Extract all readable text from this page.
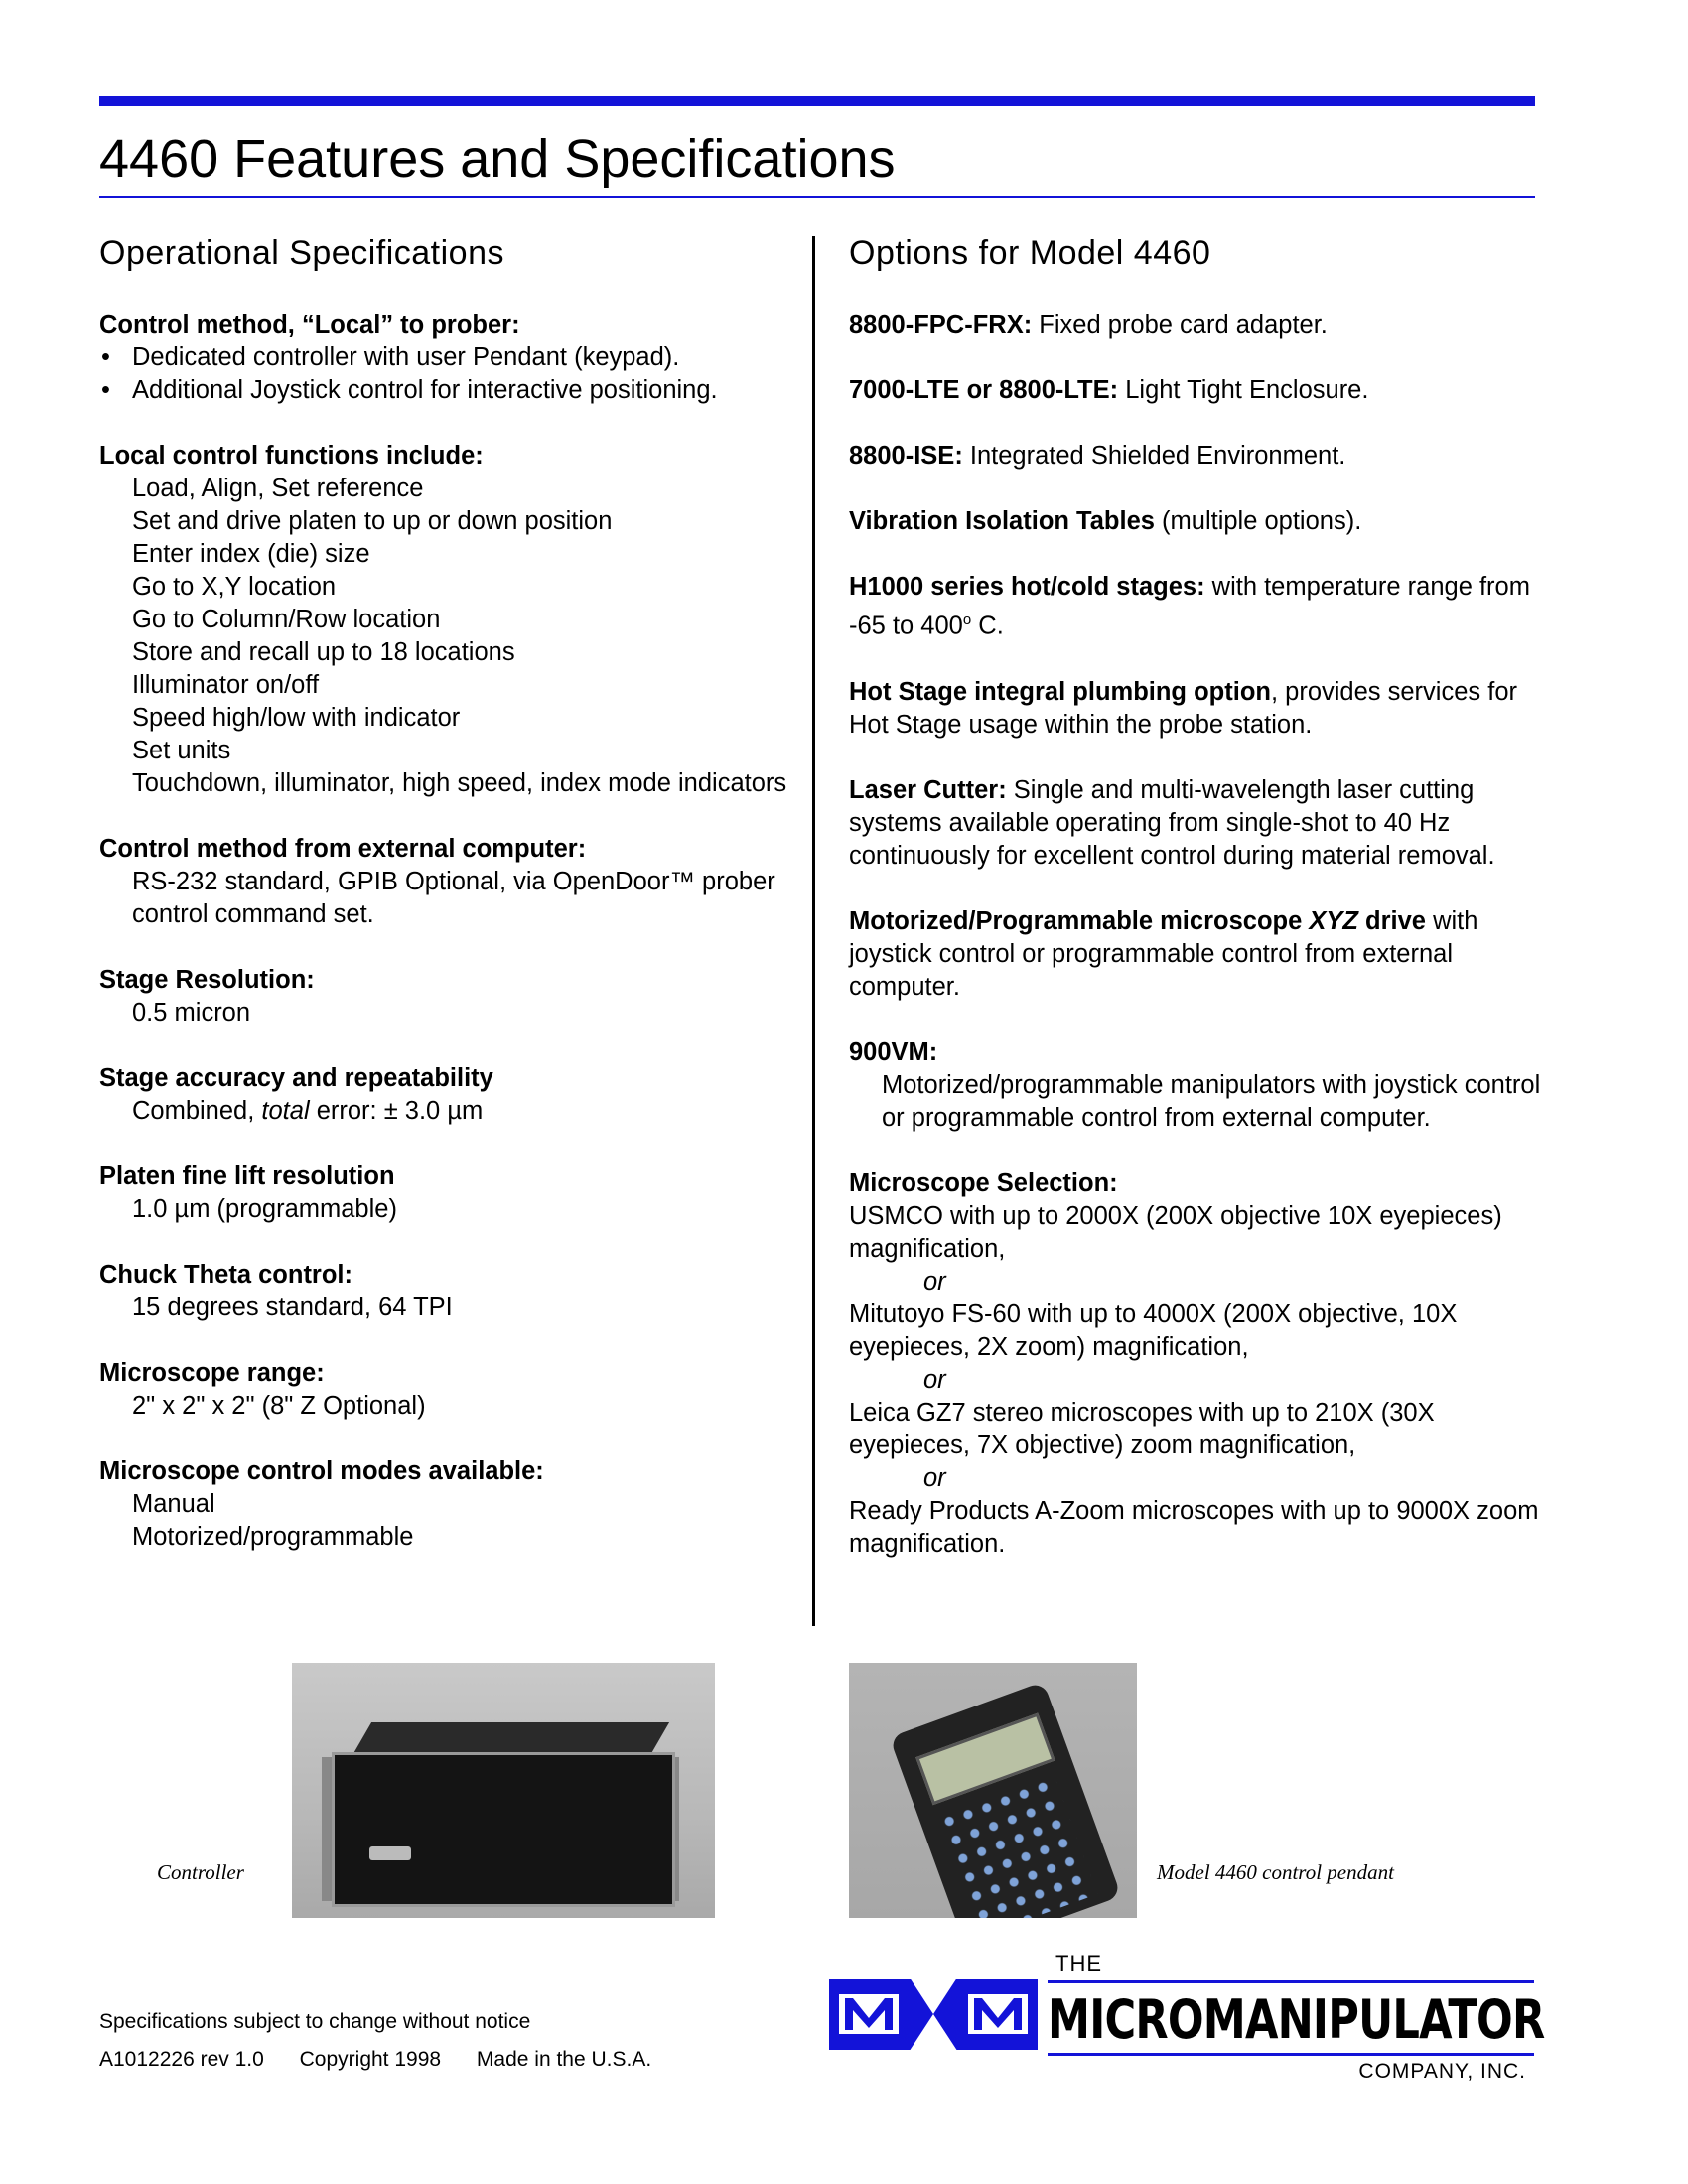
4460 Features and Specifications
Operational Specifications
Control method, “Local” to prober:
• Dedicated controller with user Pendant (keypad).
• Additional Joystick control for interactive positioning.
Local control functions include:
Load, Align, Set reference
Set and drive platen to up or down position
Enter index (die) size
Go to X,Y location
Go to Column/Row location
Store and recall up to 18 locations
Illuminator on/off
Speed high/low with indicator
Set units
Touchdown, illuminator, high speed, index mode indicators
Control method from external computer:
RS-232 standard, GPIB Optional, via OpenDoor™ prober control command set.
Stage Resolution:
0.5 micron
Stage accuracy and repeatability
Combined, total error: ± 3.0 µm
Platen fine lift resolution
1.0 µm (programmable)
Chuck Theta control:
15 degrees standard, 64 TPI
Microscope range:
2" x 2" x 2" (8" Z Optional)
Microscope control modes available:
Manual
Motorized/programmable
Options for Model 4460
8800-FPC-FRX: Fixed probe card adapter.
7000-LTE or 8800-LTE: Light Tight Enclosure.
8800-ISE: Integrated Shielded Environment.
Vibration Isolation Tables (multiple options).
H1000 series hot/cold stages: with temperature range from -65 to 400$^o$ C.
Hot Stage integral plumbing option, provides services for Hot Stage usage within the probe station.
Laser Cutter: Single and multi-wavelength laser cutting systems available operating from single-shot to 40 Hz continuously for excellent control during material removal.
Motorized/Programmable microscope XYZ drive with joystick control or programmable control from external computer.
900VM:
Motorized/programmable manipulators with joystick control or programmable control from external computer.
Microscope Selection:
USMCO with up to 2000X (200X objective 10X eyepieces) magnification,
or
Mitutoyo FS-60 with up to 4000X (200X objective, 10X eyepieces, 2X zoom) magnification,
or
Leica GZ7 stereo microscopes with up to 210X (30X eyepieces, 7X objective) zoom magnification,
or
Ready Products A-Zoom microscopes with up to 9000X zoom magnification.
Controller	Model 4460 control pendant
Specifications subject to change without notice
A1012226 rev 1.0 Copyright 1998 Made in the U.S.A.
THE
MICROMANIPULATOR
COMPANY, INC.
